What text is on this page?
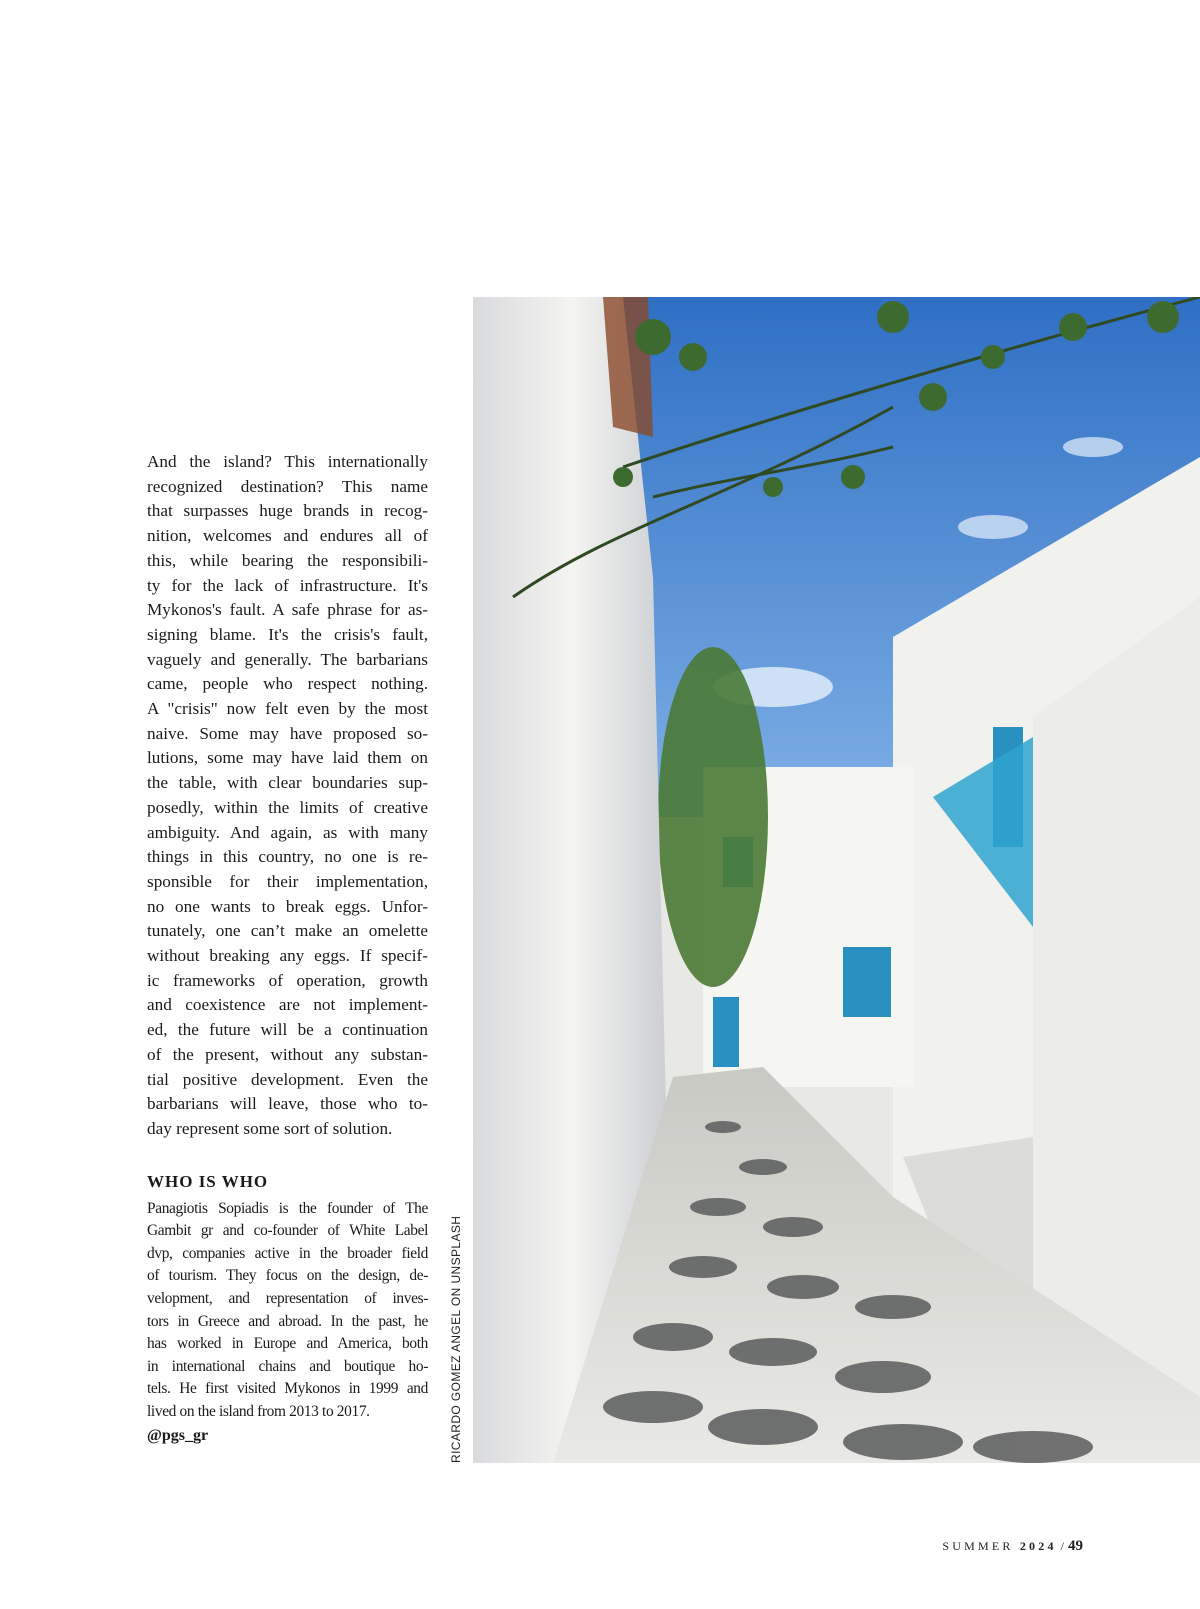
And the island? This internationally
recognized destination? This name
that surpasses huge brands in recog-
nition, welcomes and endures all of
this, while bearing the responsibili-
ty for the lack of infrastructure. It's
Mykonos's fault. A safe phrase for as-
signing blame. It's the crisis's fault,
vaguely and generally. The barbarians
came, people who respect nothing.
A "crisis" now felt even by the most
naive. Some may have proposed so-
lutions, some may have laid them on
the table, with clear boundaries sup-
posedly, within the limits of creative
ambiguity. And again, as with many
things in this country, no one is re-
sponsible for their implementation,
no one wants to break eggs. Unfor-
tunately, one can’t make an omelette
without breaking any eggs. If specif-
ic frameworks of operation, growth
and coexistence are not implement-
ed, the future will be a continuation
of the present, without any substan-
tial positive development. Even the
barbarians will leave, those who to-
day represent some sort of solution.

WHO IS WHO

Panagiotis Sopiadis is the founder of The
Gambit gr and co-founder of White Label
dvp, companies active in the broader field
of tourism. They focus on the design, de-
velopment, and representation of inves-
tors in Greece and abroad. In the past, he
has worked in Europe and America, both
in international chains and boutique ho-
tels. He first visited Mykonos in 1999 and
lived on the island from 2013 to 2017.

@pgs_gr	RICARDO GOMEZ ANGEL ON UNSPLASH
SUMMER 2024 / 49
